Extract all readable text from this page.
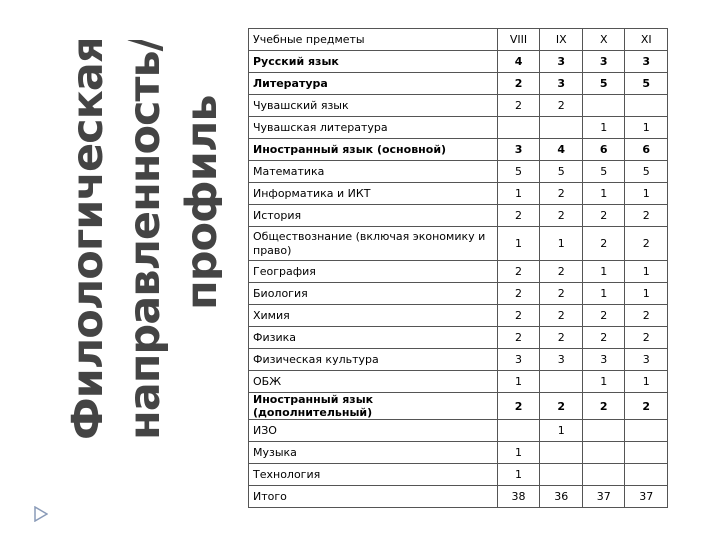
Филологическая направленность/ профиль
Учебные предметы	VIII	IX	X	XI
Русский язык	4	3	3	3
Литература	2	3	5	5
Чувашский язык	2	2		
Чувашская литература			1	1
Иностранный язык (основной)	3	4	6	6
Математика	5	5	5	5
Информатика и ИКТ	1	2	1	1
История	2	2	2	2
Обществознание (включая экономику и право)	1	1	2	2
География	2	2	1	1
Биология	2	2	1	1
Химия	2	2	2	2
Физика	2	2	2	2
Физическая культура	3	3	3	3
ОБЖ	1		1	1
Иностранный язык (дополнительный)	2	2	2	2
ИЗО		1		
Музыка	1			
Технология	1			
Итого	38	36	37	37
